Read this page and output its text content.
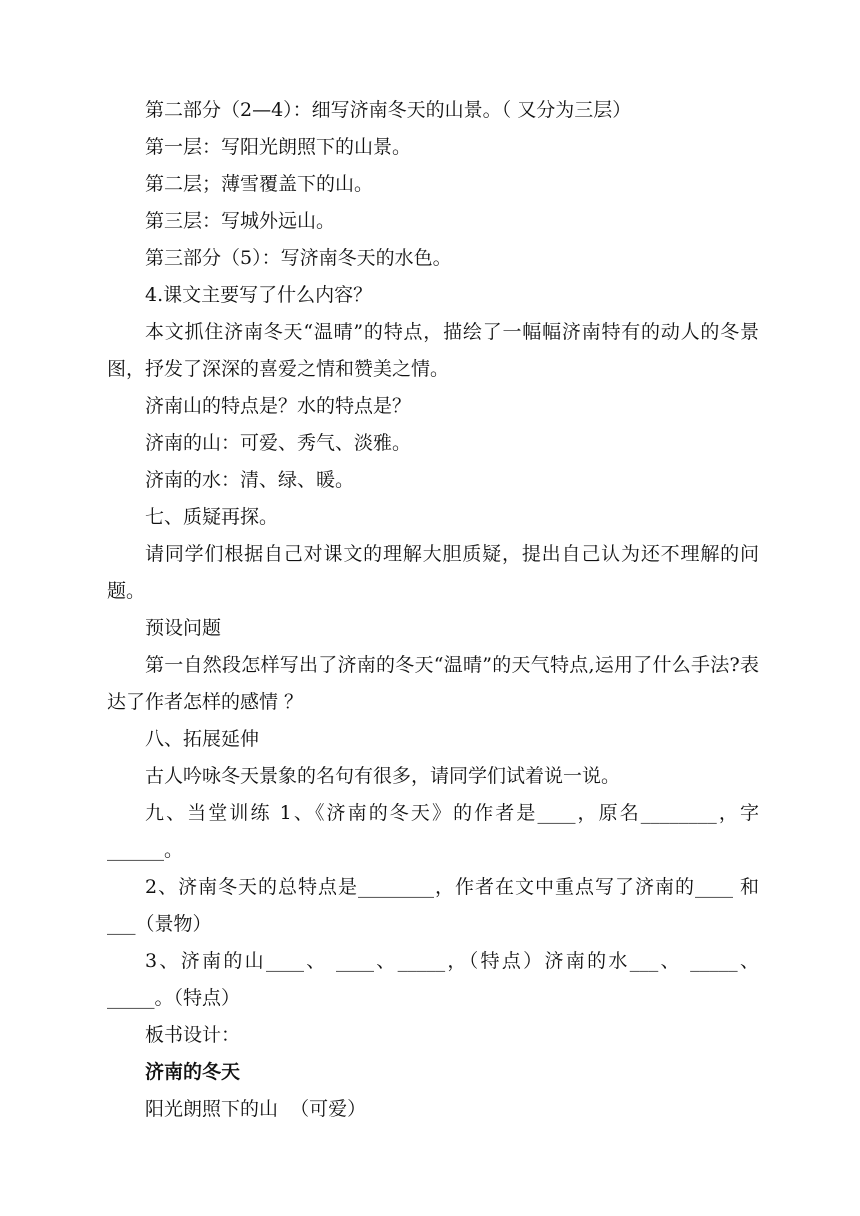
第二部分（2—4）：细写济南冬天的山景。（ 又分为三层）

第一层：写阳光朗照下的山景。

第二层；薄雪覆盖下的山。

第三层：写城外远山。

第三部分（5）：写济南冬天的水色。

4.课文主要写了什么内容？

本文抓住济南冬天“温晴”的特点，描绘了一幅幅济南特有的动人的冬景图，抒发了深深的喜爱之情和赞美之情。

济南山的特点是？水的特点是？

济南的山：可爱、秀气、淡雅。

济南的水：清、绿、暖。

七、质疑再探。

请同学们根据自己对课文的理解大胆质疑，提出自己认为还不理解的问题。

预设问题

第一自然段怎样写出了济南的冬天“温晴”的天气特点,运用了什么手法?表达了作者怎样的感情 ？

八、拓展延伸

古人吟咏冬天景象的名句有很多，请同学们试着说一说。

九、当堂训练 1、《济南的冬天》的作者是____，原名________，字______。

2、济南冬天的总特点是________，作者在文中重点写了济南的____ 和___（景物）

3、济南的山____、 ____、_____，（特点）济南的水___、 _____、_____。（特点）

板书设计：

济南的冬天

阳光朗照下的山  （可爱）
